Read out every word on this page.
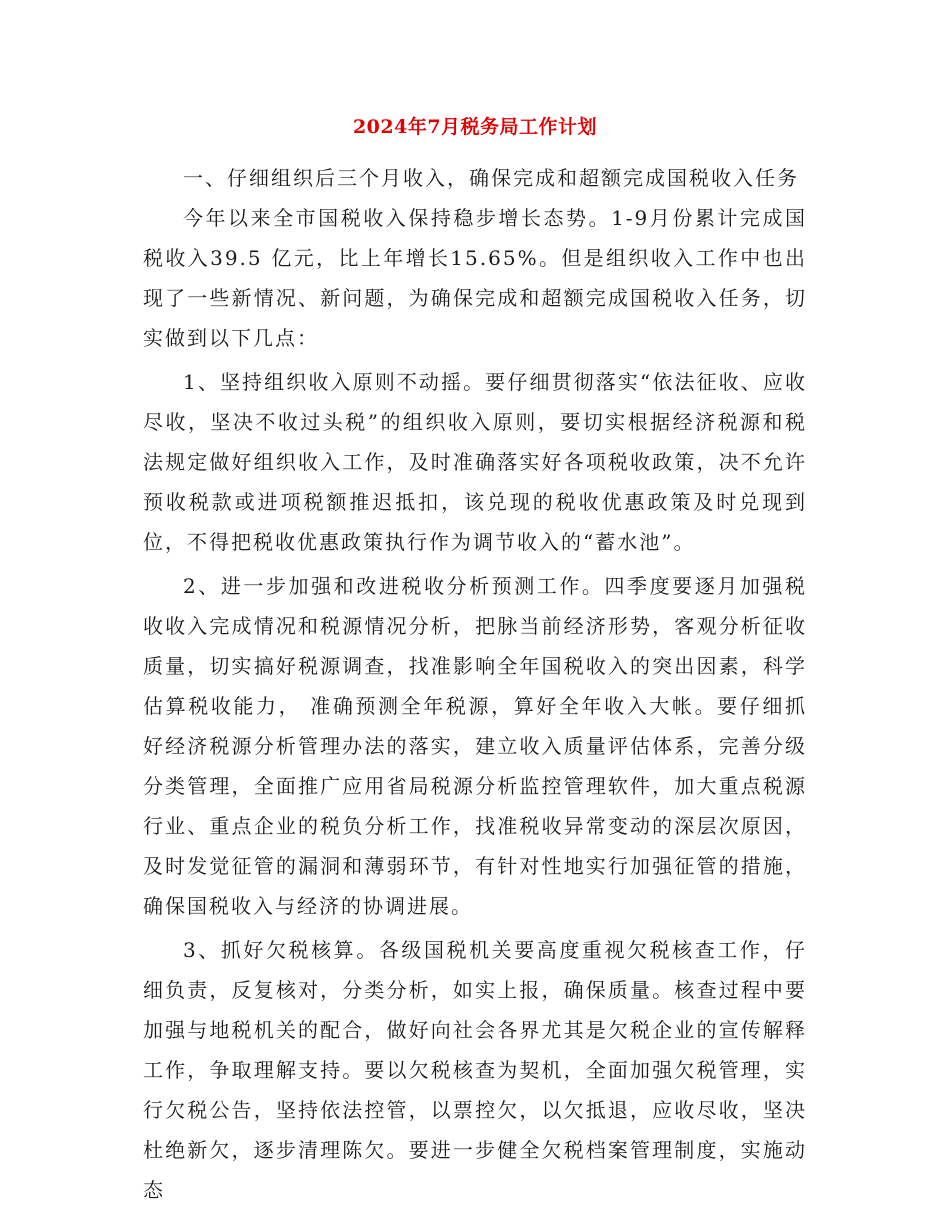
2024年7月税务局工作计划

一、仔细组织后三个月收入，确保完成和超额完成国税收入任务

今年以来全市国税收入保持稳步增长态势。1-9月份累计完成国税收入39.5 亿元，比上年增长15.65%。但是组织收入工作中也出现了一些新情况、新问题，为确保完成和超额完成国税收入任务，切实做到以下几点：

1、坚持组织收入原则不动摇。要仔细贯彻落实“依法征收、应收尽收，坚决不收过头税”的组织收入原则，要切实根据经济税源和税法规定做好组织收入工作，及时准确落实好各项税收政策，决不允许预收税款或进项税额推迟抵扣，该兑现的税收优惠政策及时兑现到位，不得把税收优惠政策执行作为调节收入的“蓄水池”。

2、进一步加强和改进税收分析预测工作。四季度要逐月加强税收收入完成情况和税源情况分析，把脉当前经济形势，客观分析征收质量，切实搞好税源调查，找准影响全年国税收入的突出因素，科学估算税收能力， 准确预测全年税源，算好全年收入大帐。要仔细抓好经济税源分析管理办法的落实，建立收入质量评估体系，完善分级分类管理，全面推广应用省局税源分析监控管理软件，加大重点税源行业、重点企业的税负分析工作，找准税收异常变动的深层次原因，及时发觉征管的漏洞和薄弱环节，有针对性地实行加强征管的措施，确保国税收入与经济的协调进展。

3、抓好欠税核算。各级国税机关要高度重视欠税核查工作，仔细负责，反复核对，分类分析，如实上报，确保质量。核查过程中要加强与地税机关的配合，做好向社会各界尤其是欠税企业的宣传解释工作，争取理解支持。要以欠税核查为契机，全面加强欠税管理，实行欠税公告，坚持依法控管，以票控欠，以欠抵退，应收尽收，坚决杜绝新欠，逐步清理陈欠。要进一步健全欠税档案管理制度，实施动态
